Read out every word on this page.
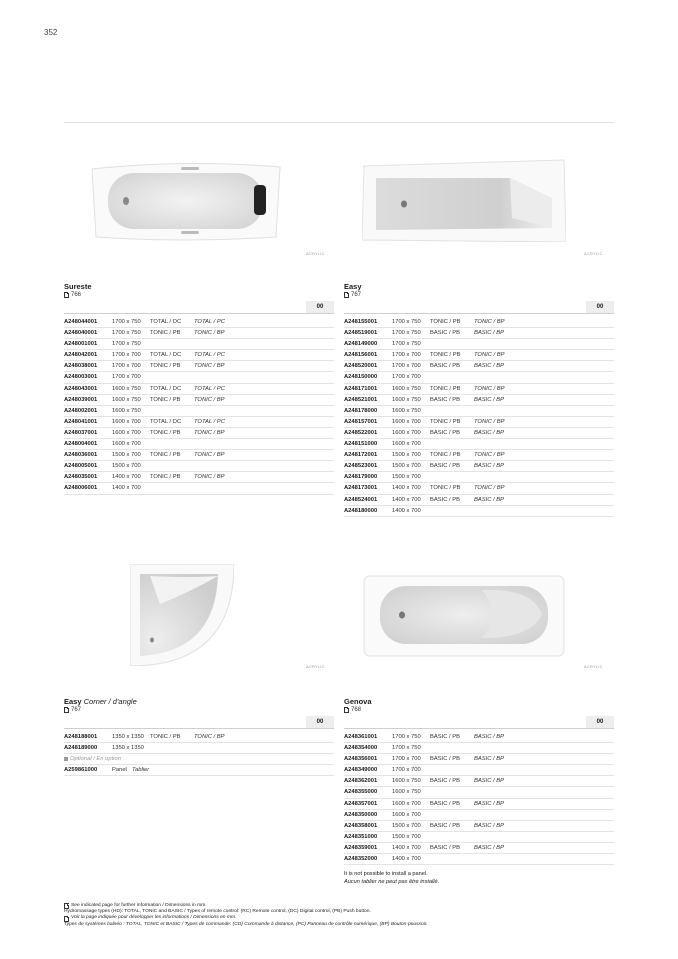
352
ACRYLIC	ACRYLIC
ACRYLIC	ACRYLIC
Sureste
766
00
A248044001	1700 x 750	TOTAL / DC	TOTAL / PC
A248040001	1700 x 750	TONIC / PB	TONIC / BP
A248001001	1700 x 750
A248042001	1700 x 700	TOTAL / DC	TOTAL / PC
A248038001	1700 x 700	TONIC / PB	TONIC / BP
A248003001	1700 x 700
A248043001	1600 x 750	TOTAL / DC	TOTAL / PC
A248039001	1600 x 750	TONIC / PB	TONIC / BP
A248002001	1600 x 750
A248041001	1600 x 700	TOTAL / DC	TOTAL / PC
A248037001	1600 x 700	TONIC / PB	TONIC / BP
A248004001	1600 x 700
A248036001	1500 x 700	TONIC / PB	TONIC / BP
A248005001	1500 x 700
A248035001	1400 x 700	TONIC / PB	TONIC / BP
A248006001	1400 x 700
Easy
767
00
A248155001	1700 x 750	TONIC / PB	TONIC / BP
A248519001	1700 x 750	BASIC / PB	BASIC / BP
A248149000	1700 x 750
A248156001	1700 x 700	TONIC / PB	TONIC / BP
A248520001	1700 x 700	BASIC / PB	BASIC / BP
A248150000	1700 x 700
A248171001	1600 x 750	TONIC / PB	TONIC / BP
A248521001	1600 x 750	BASIC / PB	BASIC / BP
A248178000	1600 x 750
A248157001	1600 x 700	TONIC / PB	TONIC / BP
A248522001	1600 x 700	BASIC / PB	BASIC / BP
A248151000	1600 x 700
A248172001	1500 x 700	TONIC / PB	TONIC / BP
A248523001	1500 x 700	BASIC / PB	BASIC / BP
A248179000	1500 x 700
A248173001	1400 x 700	TONIC / PB	TONIC / BP
A248524001	1400 x 700	BASIC / PB	BASIC / BP
A248180000	1400 x 700
Easy Corner / d'angle
767
00
A248188001	1350 x 1350	TONIC / PB	TONIC / BP
A248189000	1350 x 1350
Optional / En option
A259861000	Panel Tablier
Genova
768
00
A248361001	1700 x 750	BASIC / PB	BASIC / BP
A248354000	1700 x 750
A248356001	1700 x 700	BASIC / PB	BASIC / BP
A248349000	1700 x 700
A248362001	1600 x 750	BASIC / PB	BASIC / BP
A248355000	1600 x 750
A248357001	1600 x 700	BASIC / PB	BASIC / BP
A248350000	1600 x 700
A248358001	1500 x 700	BASIC / PB	BASIC / BP
A248351000	1500 x 700
A248359001	1400 x 700	BASIC / PB	BASIC / BP
A248352000	1400 x 700
It is not possible to install a panel.
Aucun tablier ne peut pas être installé.
See indicated page for further information / Dimensions in mm.
Hydromassage types (HD): TOTAL, TONIC and BASIC / Types of remote control: (RC) Remote control, (DC) Digital control, (PB) Push button.
Voir la page indiquée pour développer les informations / Dimensions en mm.
Types de systèmes balnéo : TOTAL, TONIC et BASIC / Types de commande: (CD) Commande à distance, (PC) Panneau de contrôle numérique, (BP) Bouton-poussoir.
